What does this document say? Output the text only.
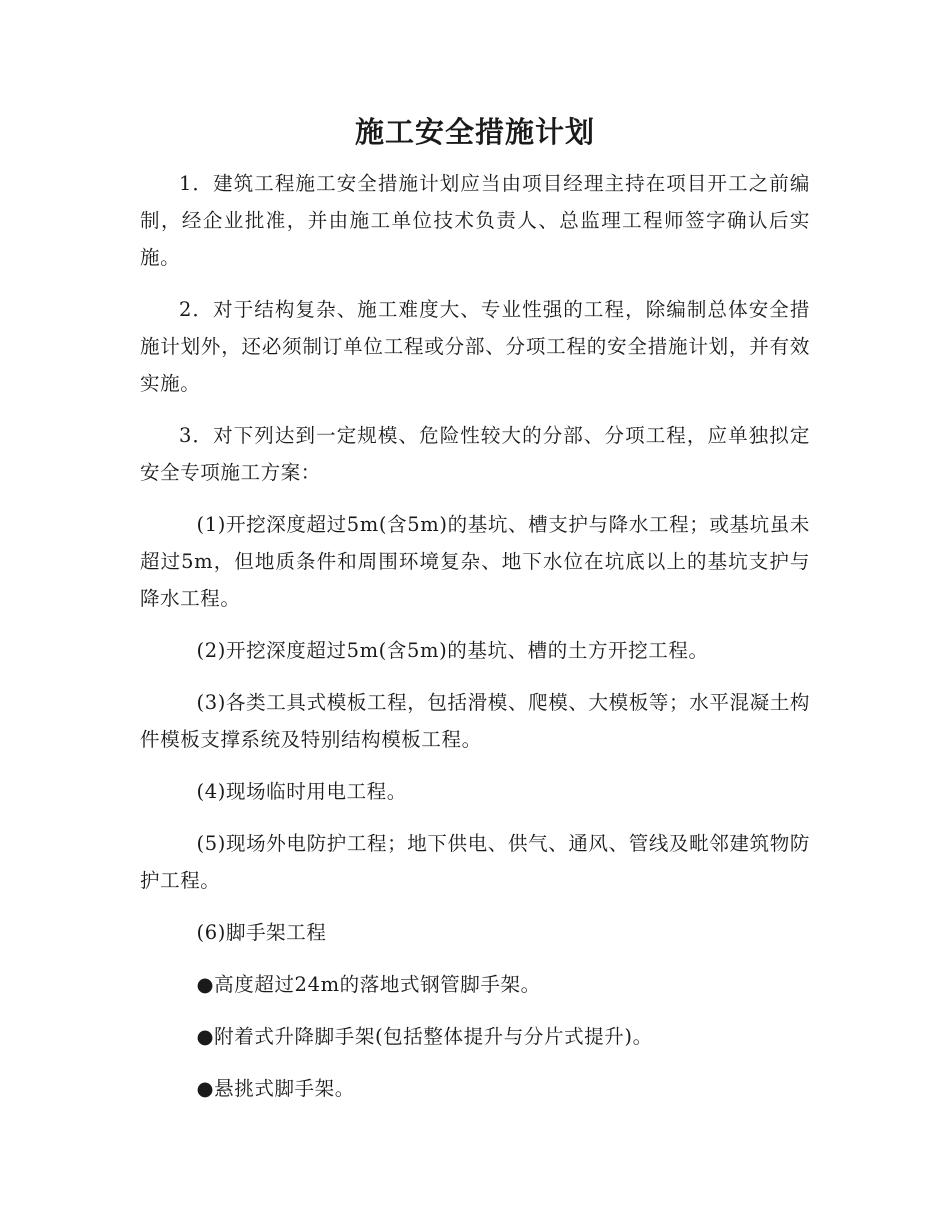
施工安全措施计划

1．建筑工程施工安全措施计划应当由项目经理主持在项目开工之前编制，经企业批准，并由施工单位技术负责人、总监理工程师签字确认后实施。

2．对于结构复杂、施工难度大、专业性强的工程，除编制总体安全措施计划外，还必须制订单位工程或分部、分项工程的安全措施计划，并有效实施。

3．对下列达到一定规模、危险性较大的分部、分项工程，应单独拟定安全专项施工方案：

(1)开挖深度超过5m(含5m)的基坑、槽支护与降水工程；或基坑虽未超过5m，但地质条件和周围环境复杂、地下水位在坑底以上的基坑支护与降水工程。

(2)开挖深度超过5m(含5m)的基坑、槽的土方开挖工程。

(3)各类工具式模板工程，包括滑模、爬模、大模板等；水平混凝土构件模板支撑系统及特别结构模板工程。

(4)现场临时用电工程。

(5)现场外电防护工程；地下供电、供气、通风、管线及毗邻建筑物防护工程。

(6)脚手架工程

●高度超过24m的落地式钢管脚手架。

●附着式升降脚手架(包括整体提升与分片式提升)。

●悬挑式脚手架。
